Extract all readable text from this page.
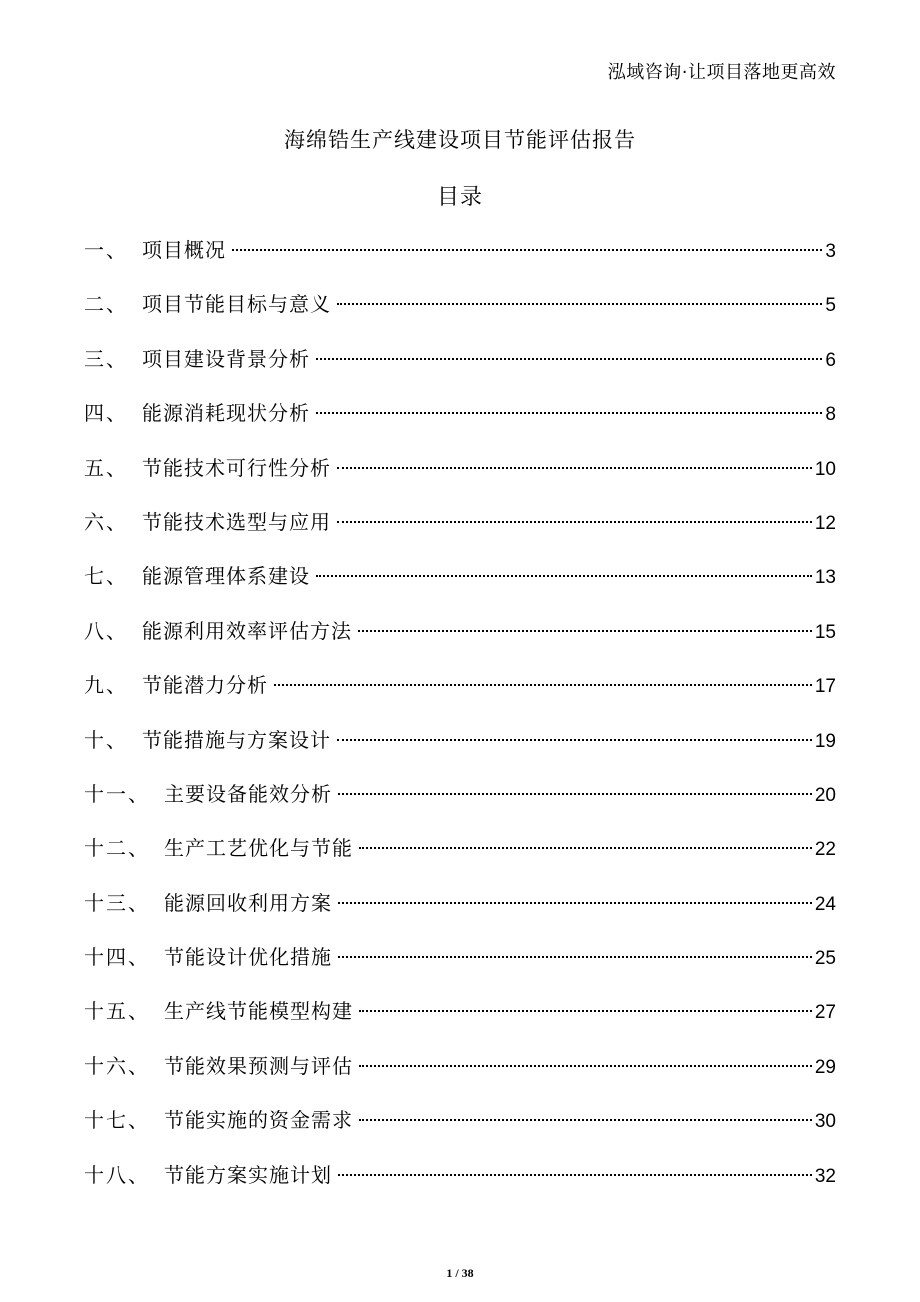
泓域咨询·让项目落地更高效
海绵锆生产线建设项目节能评估报告
目录
一、 项目概况	3
二、 项目节能目标与意义	5
三、 项目建设背景分析	6
四、 能源消耗现状分析	8
五、 节能技术可行性分析	10
六、 节能技术选型与应用	12
七、 能源管理体系建设	13
八、 能源利用效率评估方法	15
九、 节能潜力分析	17
十、 节能措施与方案设计	19
十一、 主要设备能效分析	20
十二、 生产工艺优化与节能	22
十三、 能源回收利用方案	24
十四、 节能设计优化措施	25
十五、 生产线节能模型构建	27
十六、 节能效果预测与评估	29
十七、 节能实施的资金需求	30
十八、 节能方案实施计划	32
1 / 38
